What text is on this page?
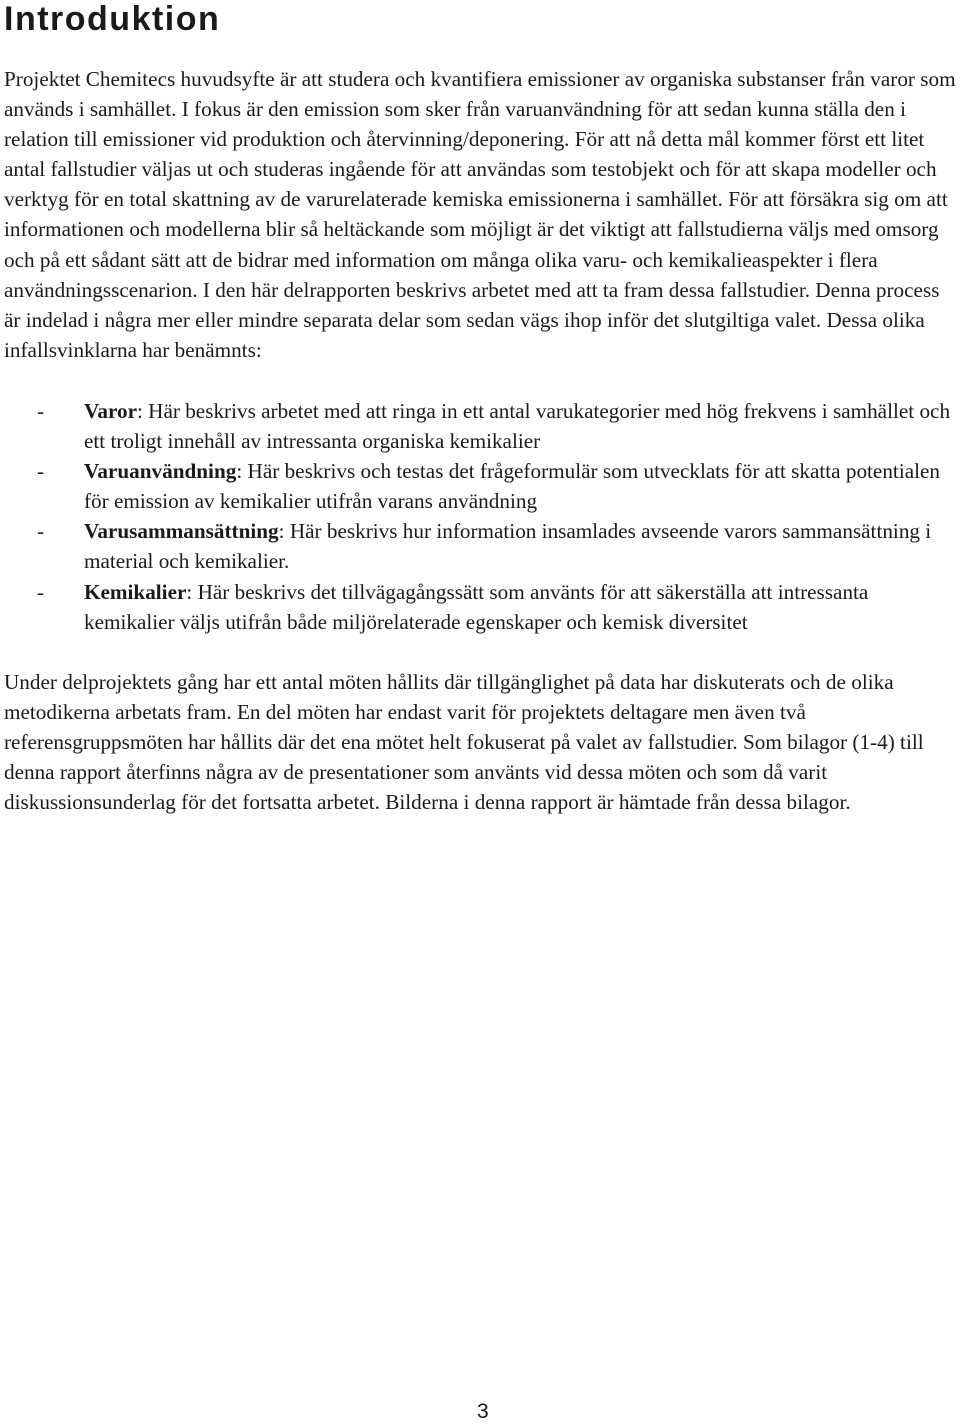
Introduktion

Projektet Chemitecs huvudsyfte är att studera och kvantifiera emissioner av organiska substanser från varor som används i samhället. I fokus är den emission som sker från varuanvändning för att sedan kunna ställa den i relation till emissioner vid produktion och återvinning/deponering. För att nå detta mål kommer först ett litet antal fallstudier väljas ut och studeras ingående för att användas som testobjekt och för att skapa modeller och verktyg för en total skattning av de varurelaterade kemiska emissionerna i samhället. För att försäkra sig om att informationen och modellerna blir så heltäckande som möjligt är det viktigt att fallstudierna väljs med omsorg och på ett sådant sätt att de bidrar med information om många olika varu- och kemikalieaspekter i flera användningsscenarion. I den här delrapporten beskrivs arbetet med att ta fram dessa fallstudier. Denna process är indelad i några mer eller mindre separata delar som sedan vägs ihop inför det slutgiltiga valet. Dessa olika infallsvinklarna har benämnts:

- Varor: Här beskrivs arbetet med att ringa in ett antal varukategorier med hög frekvens i samhället och ett troligt innehåll av intressanta organiska kemikalier
- Varuanvändning: Här beskrivs och testas det frågeformulär som utvecklats för att skatta potentialen för emission av kemikalier utifrån varans användning
- Varusammansättning: Här beskrivs hur information insamlades avseende varors sammansättning i material och kemikalier.
- Kemikalier: Här beskrivs det tillvägagångssätt som använts för att säkerställa att intressanta kemikalier väljs utifrån både miljörelaterade egenskaper och kemisk diversitet

Under delprojektets gång har ett antal möten hållits där tillgänglighet på data har diskuterats och de olika metodikerna arbetats fram. En del möten har endast varit för projektets deltagare men även två referensgruppsmöten har hållits där det ena mötet helt fokuserat på valet av fallstudier. Som bilagor (1-4) till denna rapport återfinns några av de presentationer som använts vid dessa möten och som då varit diskussionsunderlag för det fortsatta arbetet. Bilderna i denna rapport är hämtade från dessa bilagor.

3
